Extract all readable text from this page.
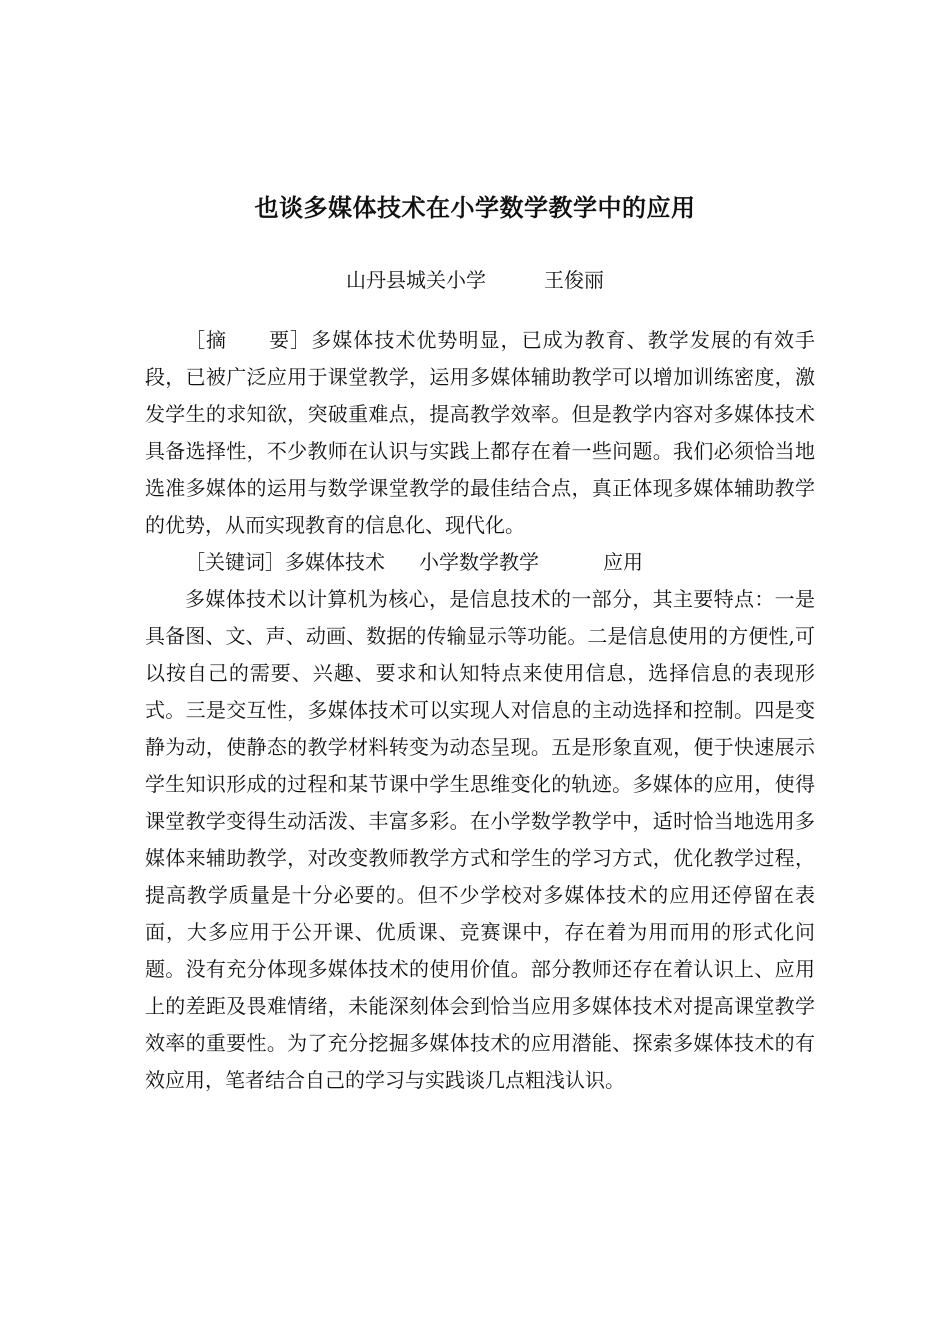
也谈多媒体技术在小学数学教学中的应用
山丹县城关小学	王俊丽

［摘　　要］多媒体技术优势明显，已成为教育、教学发展的有效手段，已被广泛应用于课堂教学，运用多媒体辅助教学可以增加训练密度，激发学生的求知欲，突破重难点，提高教学效率。但是教学内容对多媒体技术具备选择性，不少教师在认识与实践上都存在着一些问题。我们必须恰当地选准多媒体的运用与数学课堂教学的最佳结合点，真正体现多媒体辅助教学的优势，从而实现教育的信息化、现代化。

［关键词］多媒体技术 小学数学教学	应用

多媒体技术以计算机为核心，是信息技术的一部分，其主要特点：一是具备图、文、声、动画、数据的传输显示等功能。二是信息使用的方便性,可以按自己的需要、兴趣、要求和认知特点来使用信息，选择信息的表现形式。三是交互性，多媒体技术可以实现人对信息的主动选择和控制。四是变静为动，使静态的教学材料转变为动态呈现。五是形象直观，便于快速展示学生知识形成的过程和某节课中学生思维变化的轨迹。多媒体的应用，使得课堂教学变得生动活泼、丰富多彩。在小学数学教学中，适时恰当地选用多媒体来辅助教学，对改变教师教学方式和学生的学习方式，优化教学过程，提高教学质量是十分必要的。但不少学校对多媒体技术的应用还停留在表面，大多应用于公开课、优质课、竞赛课中，存在着为用而用的形式化问题。没有充分体现多媒体技术的使用价值。部分教师还存在着认识上、应用上的差距及畏难情绪，未能深刻体会到恰当应用多媒体技术对提高课堂教学效率的重要性。为了充分挖掘多媒体技术的应用潜能、探索多媒体技术的有效应用，笔者结合自己的学习与实践谈几点粗浅认识。
